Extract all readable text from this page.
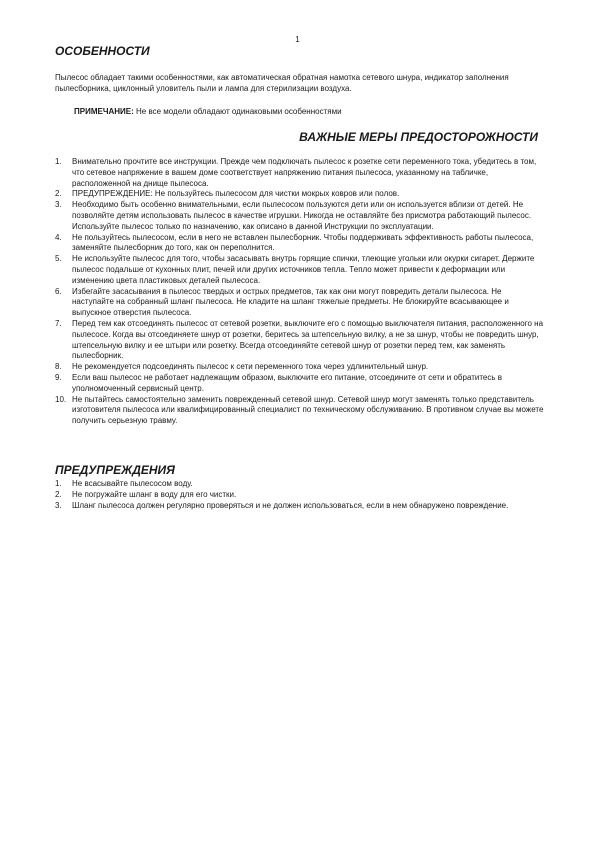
1
ОСОБЕННОСТИ

Пылесос обладает такими особенностями, как автоматическая обратная намотка сетевого шнура, индикатор заполнения пылесборника, циклонный уловитель пыли и лампа для стерилизации воздуха.

ПРИМЕЧАНИЕ: Не все модели обладают одинаковыми особенностями

ВАЖНЫЕ МЕРЫ ПРЕДОСТОРОЖНОСТИ
1. Внимательно прочтите все инструкции. Прежде чем подключать пылесос к розетке сети переменного тока, убедитесь в том, что сетевое напряжение в вашем доме соответствует напряжению питания пылесоса, указанному на табличке, расположенной на днище пылесоса.
2. ПРЕДУПРЕЖДЕНИЕ: Не пользуйтесь пылесосом для чистки мокрых ковров или полов.
3. Необходимо быть особенно внимательными, если пылесосом пользуются дети или он используется вблизи от детей. Не позволяйте детям использовать пылесос в качестве игрушки. Никогда не оставляйте без присмотра работающий пылесос. Используйте пылесос только по назначению, как описано в данной Инструкции по эксплуатации.
4. Не пользуйтесь пылесосом, если в него не вставлен пылесборник. Чтобы поддерживать эффективность работы пылесоса, заменяйте пылесборник до того, как он переполнится.
5. Не используйте пылесос для того, чтобы засасывать внутрь горящие спички, тлеющие угольки или окурки сигарет. Держите пылесос подальше от кухонных плит, печей или других источников тепла. Тепло может привести к деформации или изменению цвета пластиковых деталей пылесоса.
6. Избегайте засасывания в пылесос твердых и острых предметов, так как они могут повредить детали пылесоса. Не наступайте на собранный шланг пылесоса. Не кладите на шланг тяжелые предметы. Не блокируйте всасывающее и выпускное отверстия пылесоса.
7. Перед тем как отсоединять пылесос от сетевой розетки, выключите его с помощью выключателя питания, расположенного на пылесосе. Когда вы отсоединяете шнур от розетки, беритесь за штепсельную вилку, а не за шнур, чтобы не повредить шнур, штепсельную вилку и ее штыри или розетку. Всегда отсоединяйте сетевой шнур от розетки перед тем, как заменять пылесборник.
8. Не рекомендуется подсоединять пылесос к сети переменного тока через удлинительный шнур.
9. Если ваш пылесос не работает надлежащим образом, выключите его питание, отсоедините от сети и обратитесь в уполномоченный сервисный центр.
10. Не пытайтесь самостоятельно заменить поврежденный сетевой шнур. Сетевой шнур могут заменять только представитель изготовителя пылесоса или квалифицированный специалист по техническому обслуживанию. В противном случае вы можете получить серьезную травму.
ПРЕДУПРЕЖДЕНИЯ
1. Не всасывайте пылесосом воду.
2. Не погружайте шланг в воду для его чистки.
3. Шланг пылесоса должен регулярно проверяться и не должен использоваться, если в нем обнаружено повреждение.
